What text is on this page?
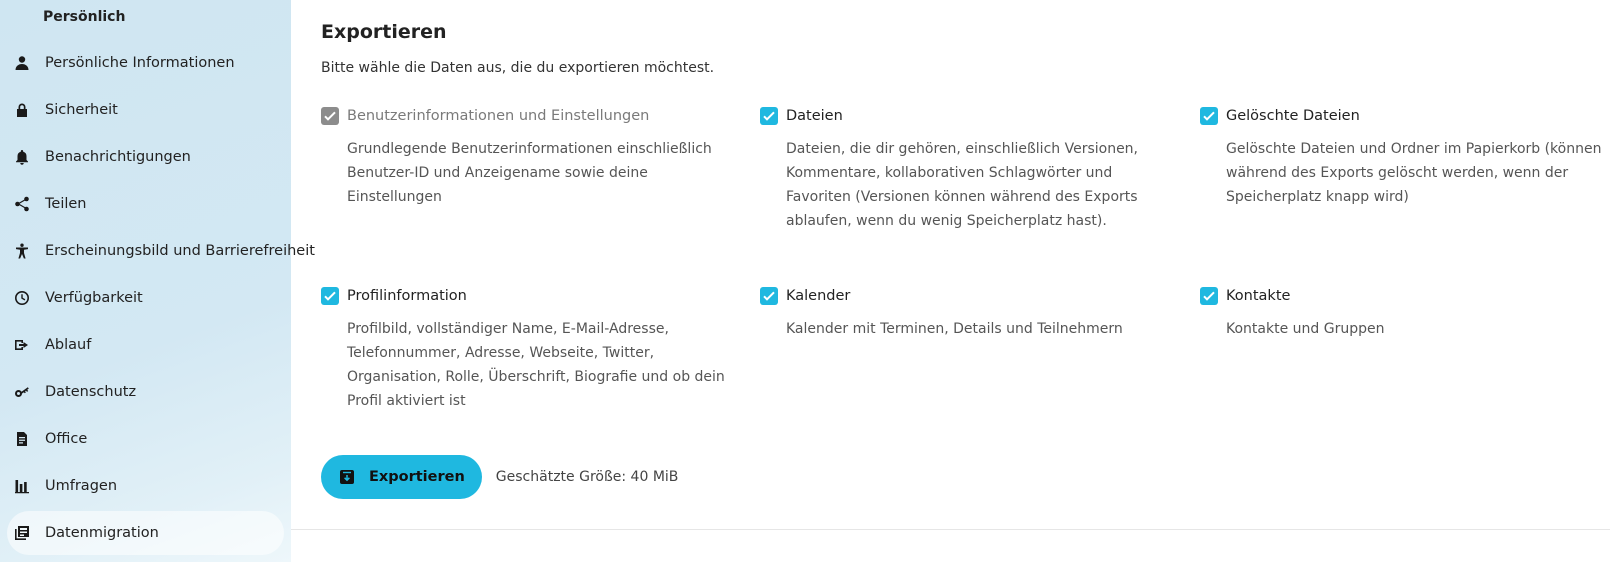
Persönlich
Persönliche Informationen
Sicherheit
Benachrichtigungen
Teilen
Erscheinungsbild und Barrierefreiheit
Verfügbarkeit
Ablauf
Datenschutz
Office
Umfragen
Datenmigration
Exportieren

Bitte wähle die Daten aus, die du exportieren möchtest.

Benutzerinformationen und Einstellungen
Grundlegende Benutzerinformationen einschließlich Benutzer-ID und Anzeigename sowie deine Einstellungen
Dateien
Dateien, die dir gehören, einschließlich Versionen, Kommentare, kollaborativen Schlagwörter und Favoriten (Versionen können während des Exports ablaufen, wenn du wenig Speicherplatz hast).
Gelöschte Dateien
Gelöschte Dateien und Ordner im Papierkorb (können während des Exports gelöscht werden, wenn der Speicherplatz knapp wird)
Profilinformation
Profilbild, vollständiger Name, E-Mail-Adresse, Telefonnummer, Adresse, Webseite, Twitter, Organisation, Rolle, Überschrift, Biografie und ob dein Profil aktiviert ist
Kalender
Kalender mit Terminen, Details und Teilnehmern
Kontakte
Kontakte und Gruppen
Exportieren Geschätzte Größe: 40 MiB
